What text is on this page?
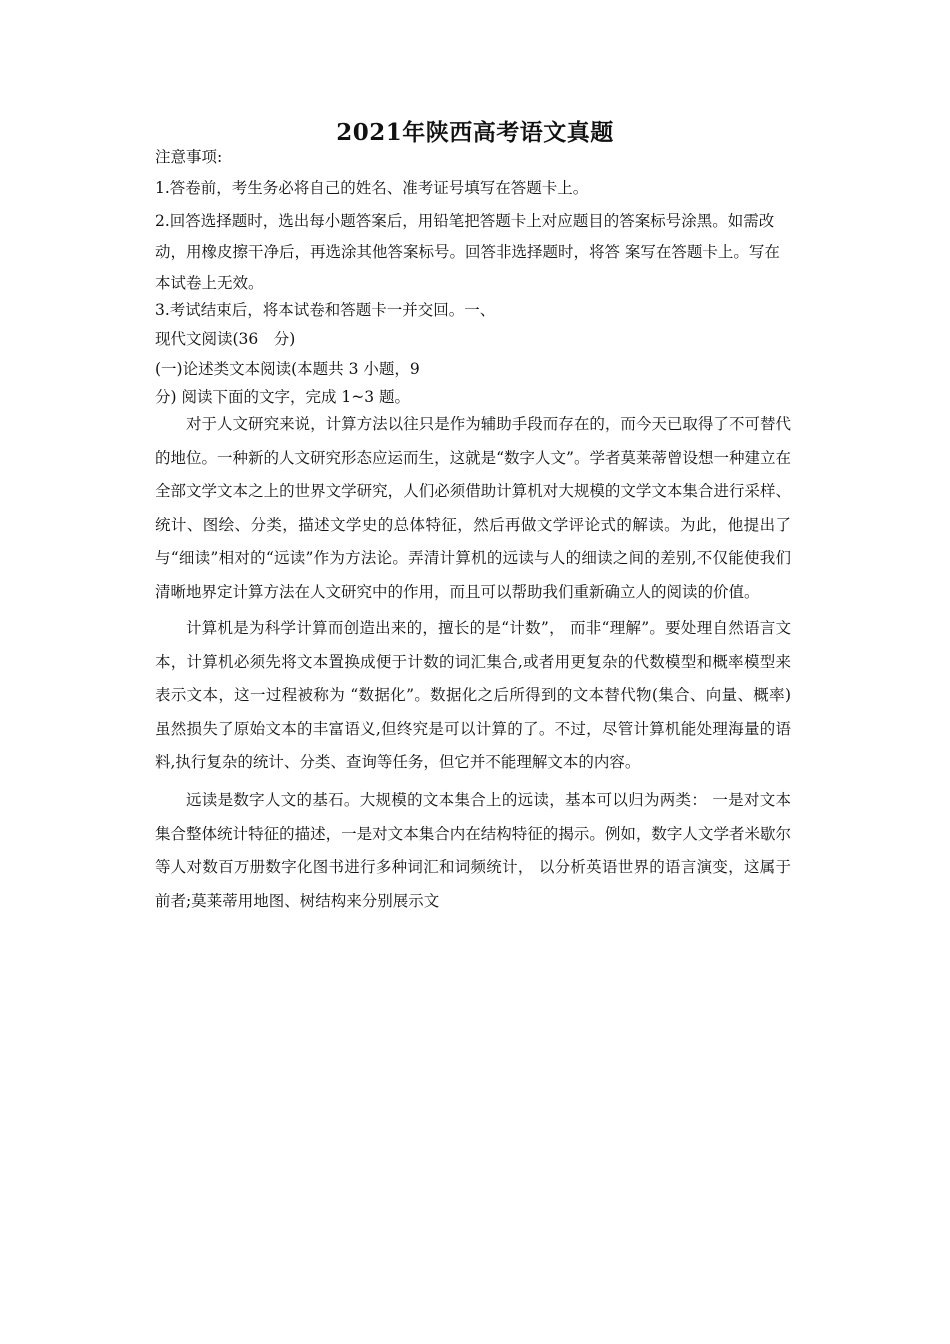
2021年陕西高考语文真题
注意事项:
1.答卷前，考生务必将自己的姓名、准考证号填写在答题卡上。
2.回答选择题时，选出每小题答案后，用铅笔把答题卡上对应题目的答案标号涂黑。如需改动，用橡皮擦干净后，再选涂其他答案标号。回答非选择题时，将答 案写在答题卡上。写在本试卷上无效。
3.考试结束后，将本试卷和答题卡一并交回。一、
现代文阅读(36　分)
(一)论述类文本阅读(本题共 3 小题，9
分) 阅读下面的文字，完成 1~3 题。
对于人文研究来说，计算方法以往只是作为辅助手段而存在的，而今天已取得了不可替代的地位。一种新的人文研究形态应运而生，这就是“数字人文”。学者莫莱蒂曾设想一种建立在全部文学文本之上的世界文学研究，人们必须借助计算机对大规模的文学文本集合进行采样、统计、图绘、分类，描述文学史的总体特征，然后再做文学评论式的解读。为此，他提出了与“细读”相对的“远读”作为方法论。弄清计算机的远读与人的细读之间的差别,不仅能使我们清晰地界定计算方法在人文研究中的作用，而且可以帮助我们重新确立人的阅读的价值。
计算机是为科学计算而创造出来的，擅长的是“计数”， 而非“理解”。要处理自然语言文本，计算机必须先将文本置换成便于计数的词汇集合,或者用更复杂的代数模型和概率模型来表示文本，这一过程被称为 “数据化”。数据化之后所得到的文本替代物(集合、向量、概率)虽然损失了原始文本的丰富语义,但终究是可以计算的了。不过，尽管计算机能处理海量的语料,执行复杂的统计、分类、查询等任务，但它并不能理解文本的内容。
远读是数字人文的基石。大规模的文本集合上的远读，基本可以归为两类： 一是对文本集合整体统计特征的描述，一是对文本集合内在结构特征的揭示。例如，数字人文学者米歇尔等人对数百万册数字化图书进行多种词汇和词频统计， 以分析英语世界的语言演变，这属于前者;莫莱蒂用地图、树结构来分别展示文
